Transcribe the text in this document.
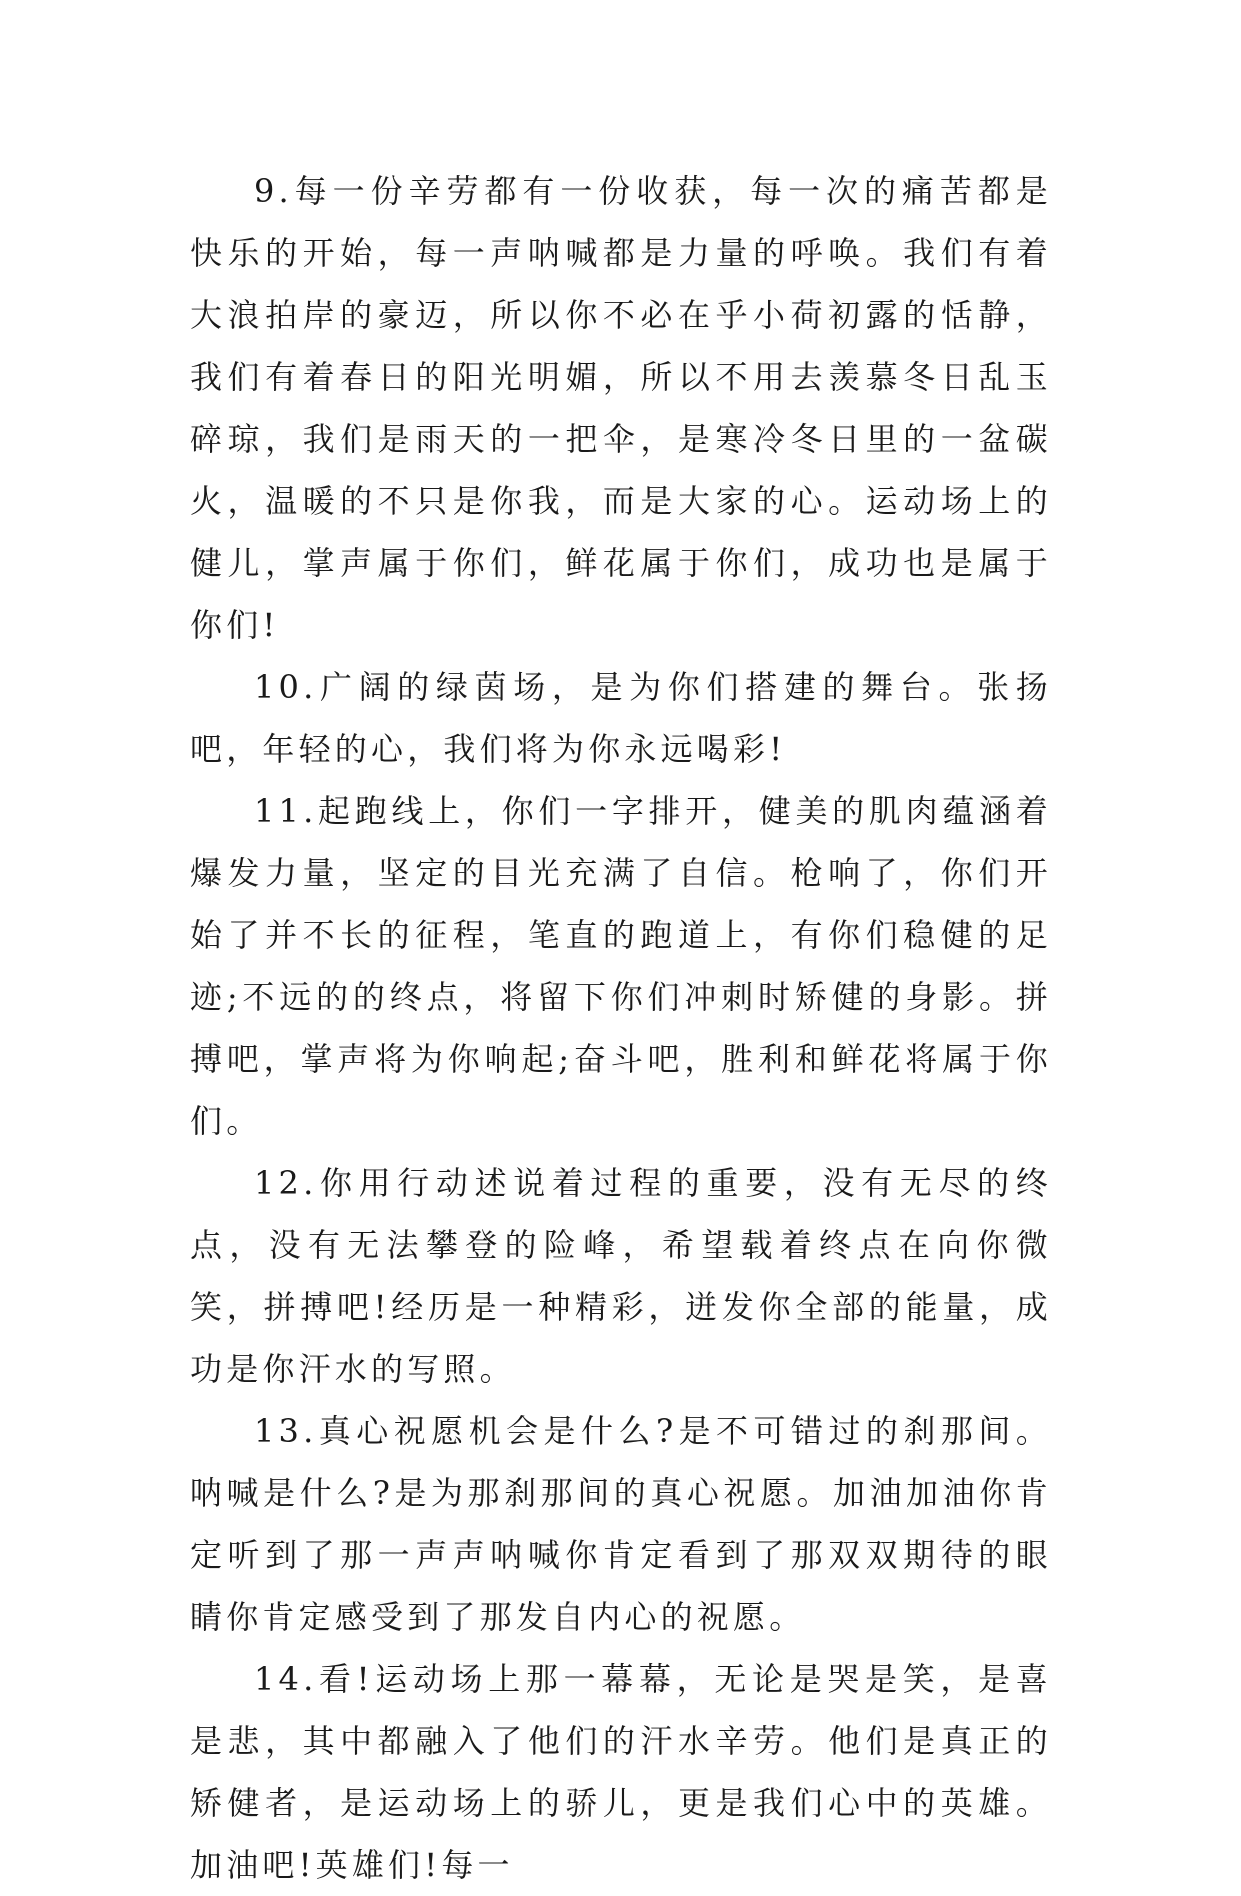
9.每一份辛劳都有一份收获，每一次的痛苦都是快乐的开始，每一声呐喊都是力量的呼唤。我们有着大浪拍岸的豪迈，所以你不必在乎小荷初露的恬静，我们有着春日的阳光明媚，所以不用去羡慕冬日乱玉碎琼，我们是雨天的一把伞，是寒冷冬日里的一盆碳火，温暖的不只是你我，而是大家的心。运动场上的健儿，掌声属于你们，鲜花属于你们，成功也是属于你们!

10.广阔的绿茵场，是为你们搭建的舞台。张扬吧，年轻的心，我们将为你永远喝彩!

11.起跑线上，你们一字排开，健美的肌肉蕴涵着爆发力量，坚定的目光充满了自信。枪响了，你们开始了并不长的征程，笔直的跑道上，有你们稳健的足迹;不远的的终点，将留下你们冲刺时矫健的身影。拼搏吧，掌声将为你响起;奋斗吧，胜利和鲜花将属于你们。

12.你用行动述说着过程的重要，没有无尽的终点，没有无法攀登的险峰，希望载着终点在向你微笑，拼搏吧!经历是一种精彩，迸发你全部的能量，成功是你汗水的写照。

13.真心祝愿机会是什么?是不可错过的刹那间。呐喊是什么?是为那刹那间的真心祝愿。加油加油你肯定听到了那一声声呐喊你肯定看到了那双双期待的眼睛你肯定感受到了那发自内心的祝愿。

14.看!运动场上那一幕幕，无论是哭是笑，是喜是悲，其中都融入了他们的汗水辛劳。他们是真正的矫健者，是运动场上的骄儿，更是我们心中的英雄。加油吧!英雄们!每一
